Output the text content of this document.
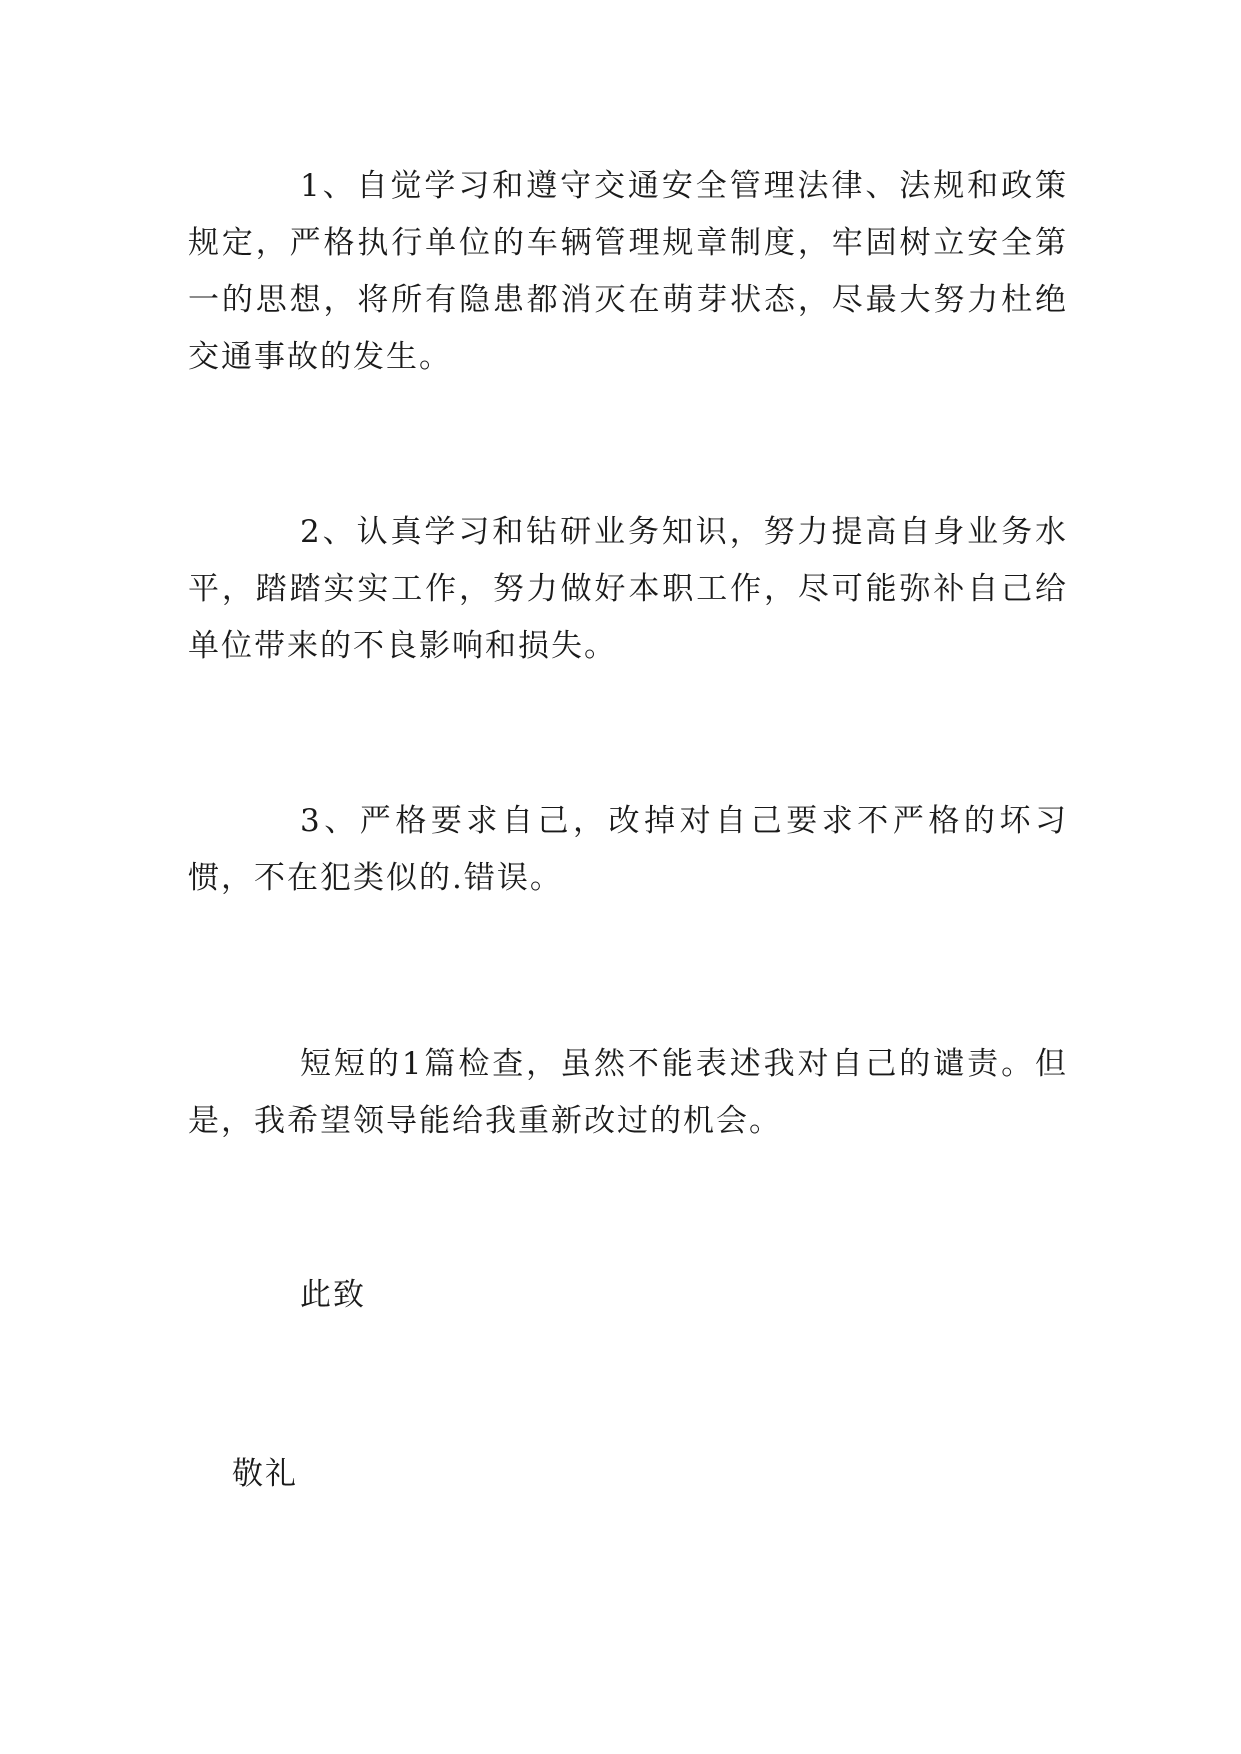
1、自觉学习和遵守交通安全管理法律、法规和政策规定，严格执行单位的车辆管理规章制度，牢固树立安全第一的思想，将所有隐患都消灭在萌芽状态，尽最大努力杜绝交通事故的发生。

2、认真学习和钻研业务知识，努力提高自身业务水平，踏踏实实工作，努力做好本职工作，尽可能弥补自己给单位带来的不良影响和损失。

3、严格要求自己，改掉对自己要求不严格的坏习惯，不在犯类似的.错误。

短短的1篇检查，虽然不能表述我对自己的谴责。但是，我希望领导能给我重新改过的机会。

此致

敬礼
